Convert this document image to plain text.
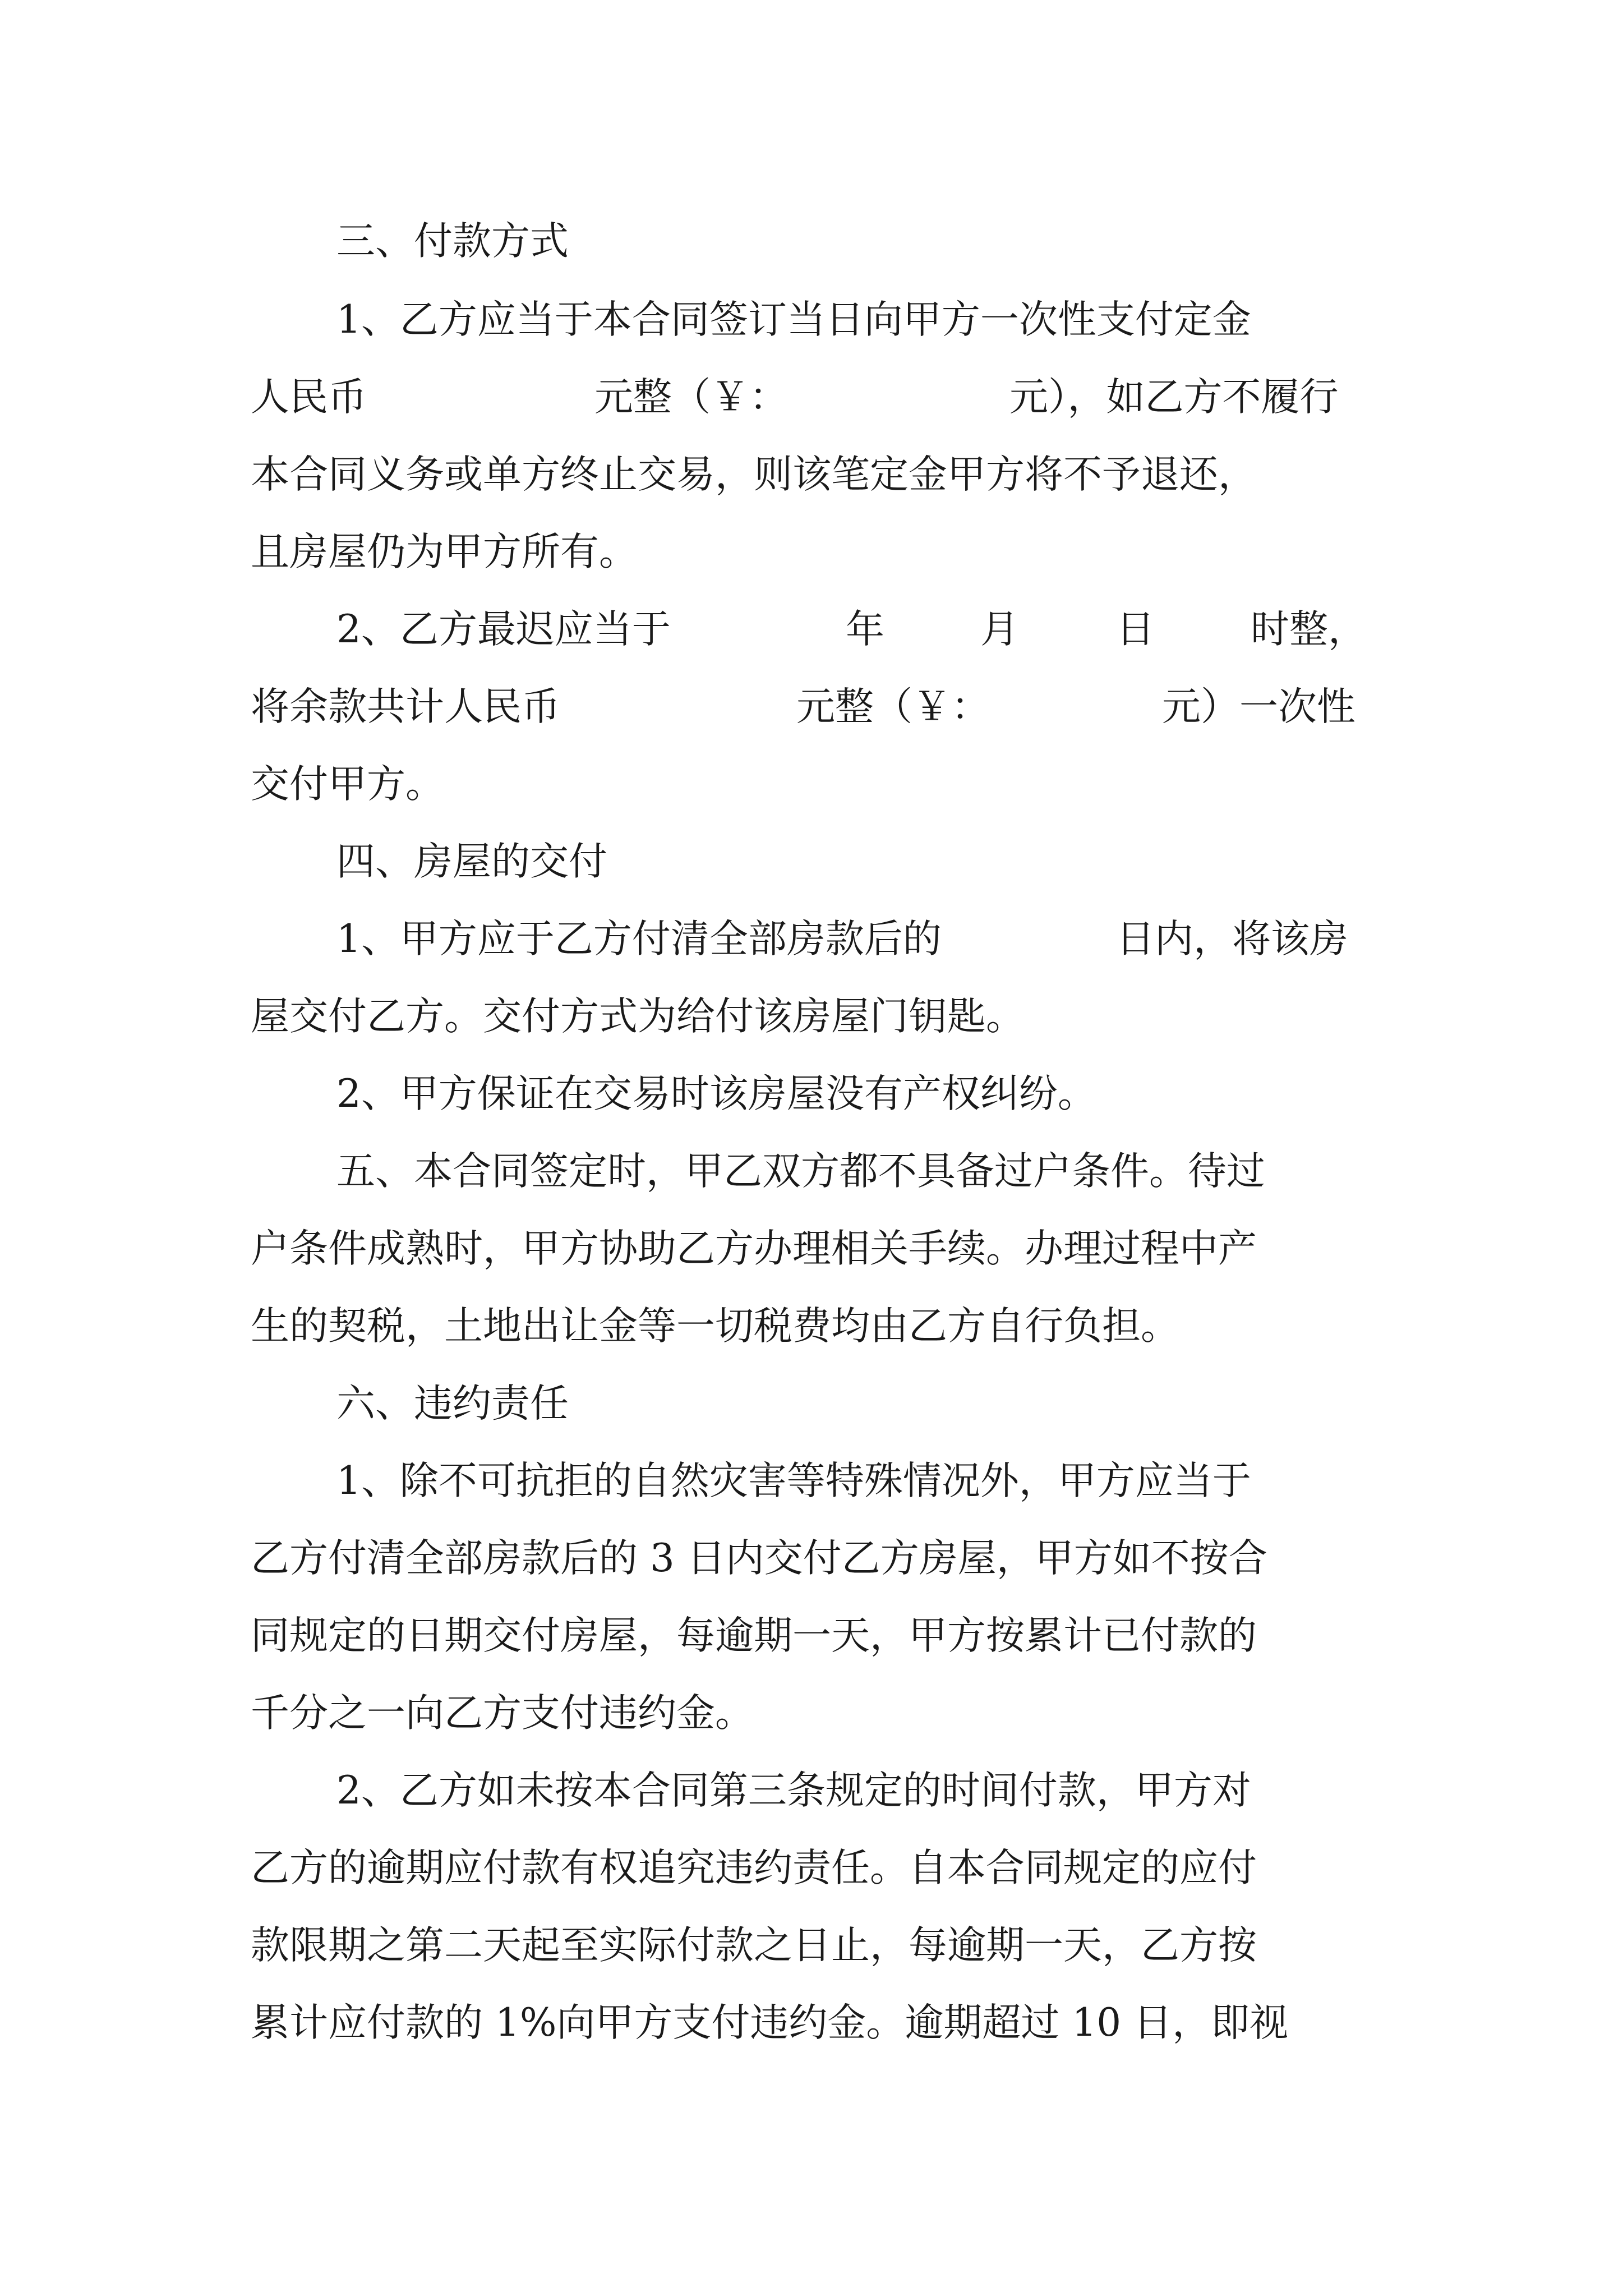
三、付款方式

1、乙方应当于本合同签订当日向甲方一次性支付定金

人民币

	元整（￥：

	元），如乙方不履行

本合同义务或单方终止交易，则该笔定金甲方将不予退还，

且房屋仍为甲方所有。

2、乙方最迟应当于

	年

月

	日

时整，

将余款共计人民币

	元整（￥：

	元）一次性

交付甲方。

四、房屋的交付

1、甲方应于乙方付清全部房款后的

	日内，将该房

屋交付乙方。交付方式为给付该房屋门钥匙。

2、甲方保证在交易时该房屋没有产权纠纷。

五、本合同签定时，甲乙双方都不具备过户条件。待过

户条件成熟时，甲方协助乙方办理相关手续。办理过程中产

生的契税，土地出让金等一切税费均由乙方自行负担。

六、违约责任

1、除不可抗拒的自然灾害等特殊情况外，甲方应当于

乙方付清全部房款后的 3 日内交付乙方房屋，甲方如不按合

同规定的日期交付房屋，每逾期一天，甲方按累计已付款的

千分之一向乙方支付违约金。

2、乙方如未按本合同第三条规定的时间付款，甲方对

乙方的逾期应付款有权追究违约责任。自本合同规定的应付

款限期之第二天起至实际付款之日止，每逾期一天，乙方按

累计应付款的 1%向甲方支付违约金。逾期超过 10 日，即视
